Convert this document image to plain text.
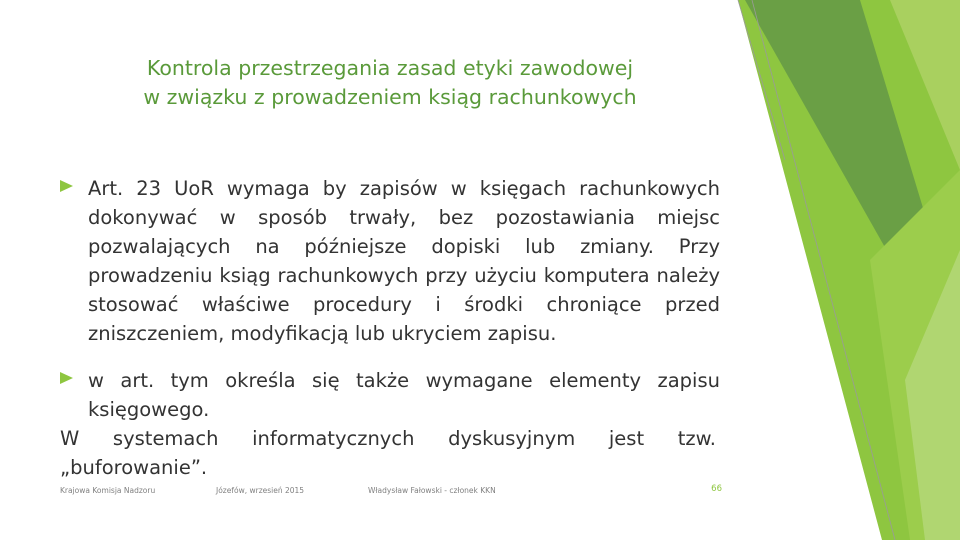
Kontrola przestrzegania zasad etyki zawodowej
w związku z prowadzeniem ksiąg rachunkowych
Art. 23 UoR wymaga by zapisów w księgach rachunkowych dokonywać w sposób trwały, bez pozostawiania miejsc pozwalających na późniejsze dopiski lub zmiany. Przy prowadzeniu ksiąg rachunkowych przy użyciu komputera należy stosować właściwe procedury i środki chroniące przed zniszczeniem, modyfikacją lub ukryciem zapisu.
w art. tym określa się także wymagane elementy zapisu księgowego.
W systemach informatycznych dyskusyjnym jest tzw.
„buforowanie”.
Krajowa Komisja Nadzoru	Józefów, wrzesień 2015	Władysław Fałowski - członek KKN	66
